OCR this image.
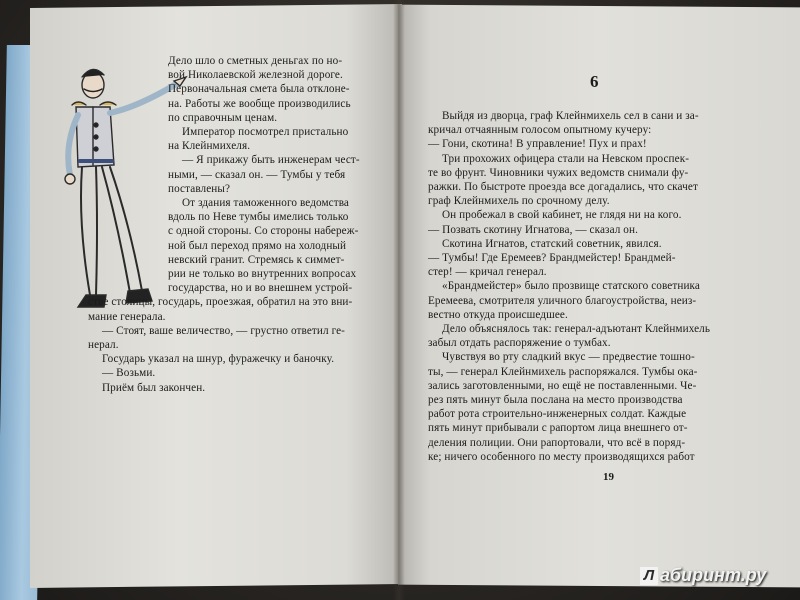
Дело шло о сметных деньгах по но-

вой Николаевской железной дороге.

Первоначальная смета была отклоне-

на. Работы же вообще производились

по справочным ценам.

Император посмотрел пристально

на Клейнмихеля.

— Я прикажу быть инженерам чест-

ными, — сказал он. — Тумбы у тебя

поставлены?

От здания таможенного ведомства

вдоль по Неве тумбы имелись только

с одной стороны. Со стороны набереж-

ной был переход прямо на холодный

невский гранит. Стремясь к симмет-

рии не только во внутренних вопросах

государства, но и во внешнем устрой-

стве столицы, государь, проезжая, обратил на это вни-

мание генерала.

— Стоят, ваше величество, — грустно ответил ге-

нерал.

Государь указал на шнур, фуражечку и баночку.

— Возьми.

Приём был закончен.

6

Выйдя из дворца, граф Клейнмихель сел в сани и за-

кричал отчаянным голосом опытному кучеру:

— Гони, скотина! В управление! Пух и прах!

Три прохожих офицера стали на Невском проспек-

те во фрунт. Чиновники чужих ведомств снимали фу-

ражки. По быстроте проезда все догадались, что скачет

граф Клейнмихель по срочному делу.

Он пробежал в свой кабинет, не глядя ни на кого.

— Позвать скотину Игнатова, — сказал он.

Скотина Игнатов, статский советник, явился.

— Тумбы! Где Еремеев? Брандмейстер! Брандмей-

стер! — кричал генерал.

«Брандмейстер» было прозвище статского советника

Еремеева, смотрителя уличного благоустройства, неиз-

вестно откуда происшедшее.

Дело объяснялось так: генерал-адъютант Клейнмихель

забыл отдать распоряжение о тумбах.

Чувствуя во рту сладкий вкус — предвестие тошно-

ты, — генерал Клейнмихель распоряжался. Тумбы ока-

зались заготовленными, но ещё не поставленными. Че-

рез пять минут была послана на место производства

работ рота строительно-инженерных солдат. Каждые

пять минут прибывали с рапортом лица внешнего от-

деления полиции. Они рапортовали, что всё в поряд-

ке; ничего особенного по месту производящихся работ

19
Л абиринт.ру
